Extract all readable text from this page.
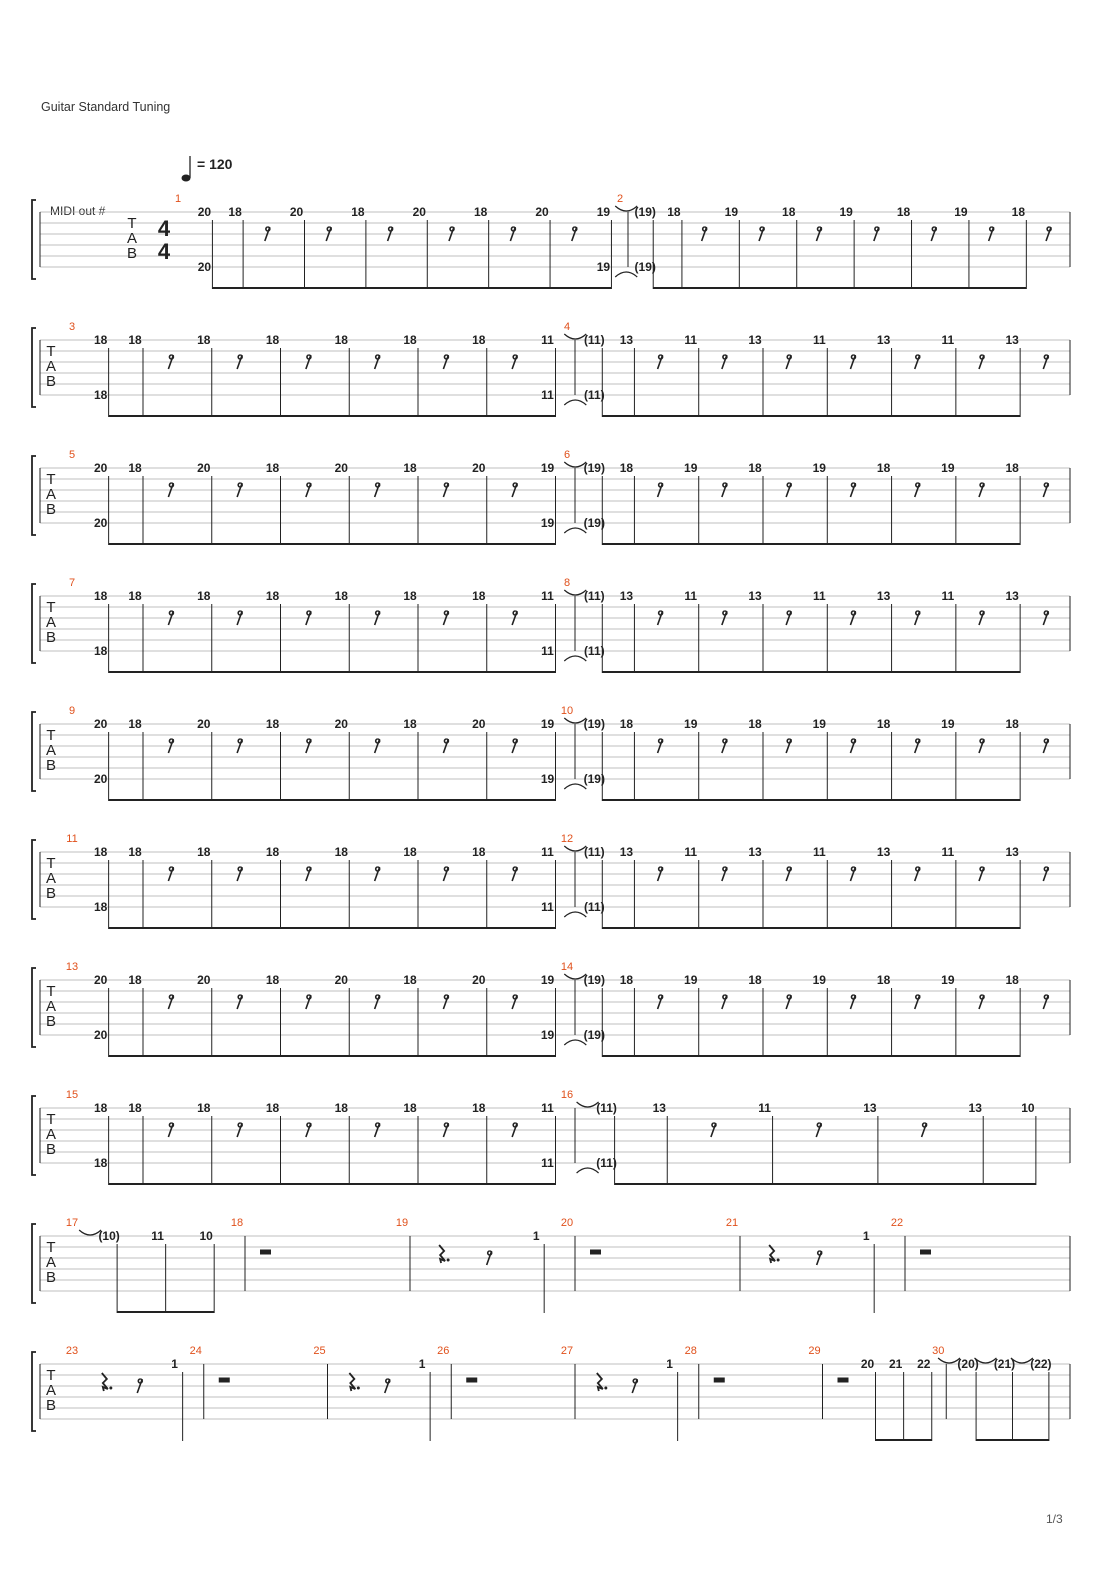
Guitar Standard Tuning
MIDI out #
= 120
1/3
T
A
B
4
4
1
20
20
18	20	18	20	18	20	19
19
2
(19)
(19)
18	19	18	19	18	19	18
T
A
B
3
18
18
18	18	18	18	18	18	11
11
4
(11)
(11)
13	11	13	11	13	11	13
T
A
B
5
20
20
18	20	18	20	18	20	19
19
6
(19)
(19)
18	19	18	19	18	19	18
T
A
B
7
18
18
18	18	18	18	18	18	11
11
8
(11)
(11)
13	11	13	11	13	11	13
T
A
B
9
20
20
18	20	18	20	18	20	19
19
10
(19)
(19)
18	19	18	19	18	19	18
T
A
B
11
18
18
18	18	18	18	18	18	11
11
12
(11)
(11)
13	11	13	11	13	11	13
T
A
B
13
20
20
18	20	18	20	18	20	19
19
14
(19)
(19)
18	19	18	19	18	19	18
T
A
B
15
18
18
18	18	18	18	18	18	11
11
16
(11)
(11)
13	11	13	13	10
T
A
B
17
(10)	11	10
18	19
1
20	21
1
22
T
A
B
23
1
24	25
1
26	27
1
28	29
20 21 22
30
(20) (21) (22)
